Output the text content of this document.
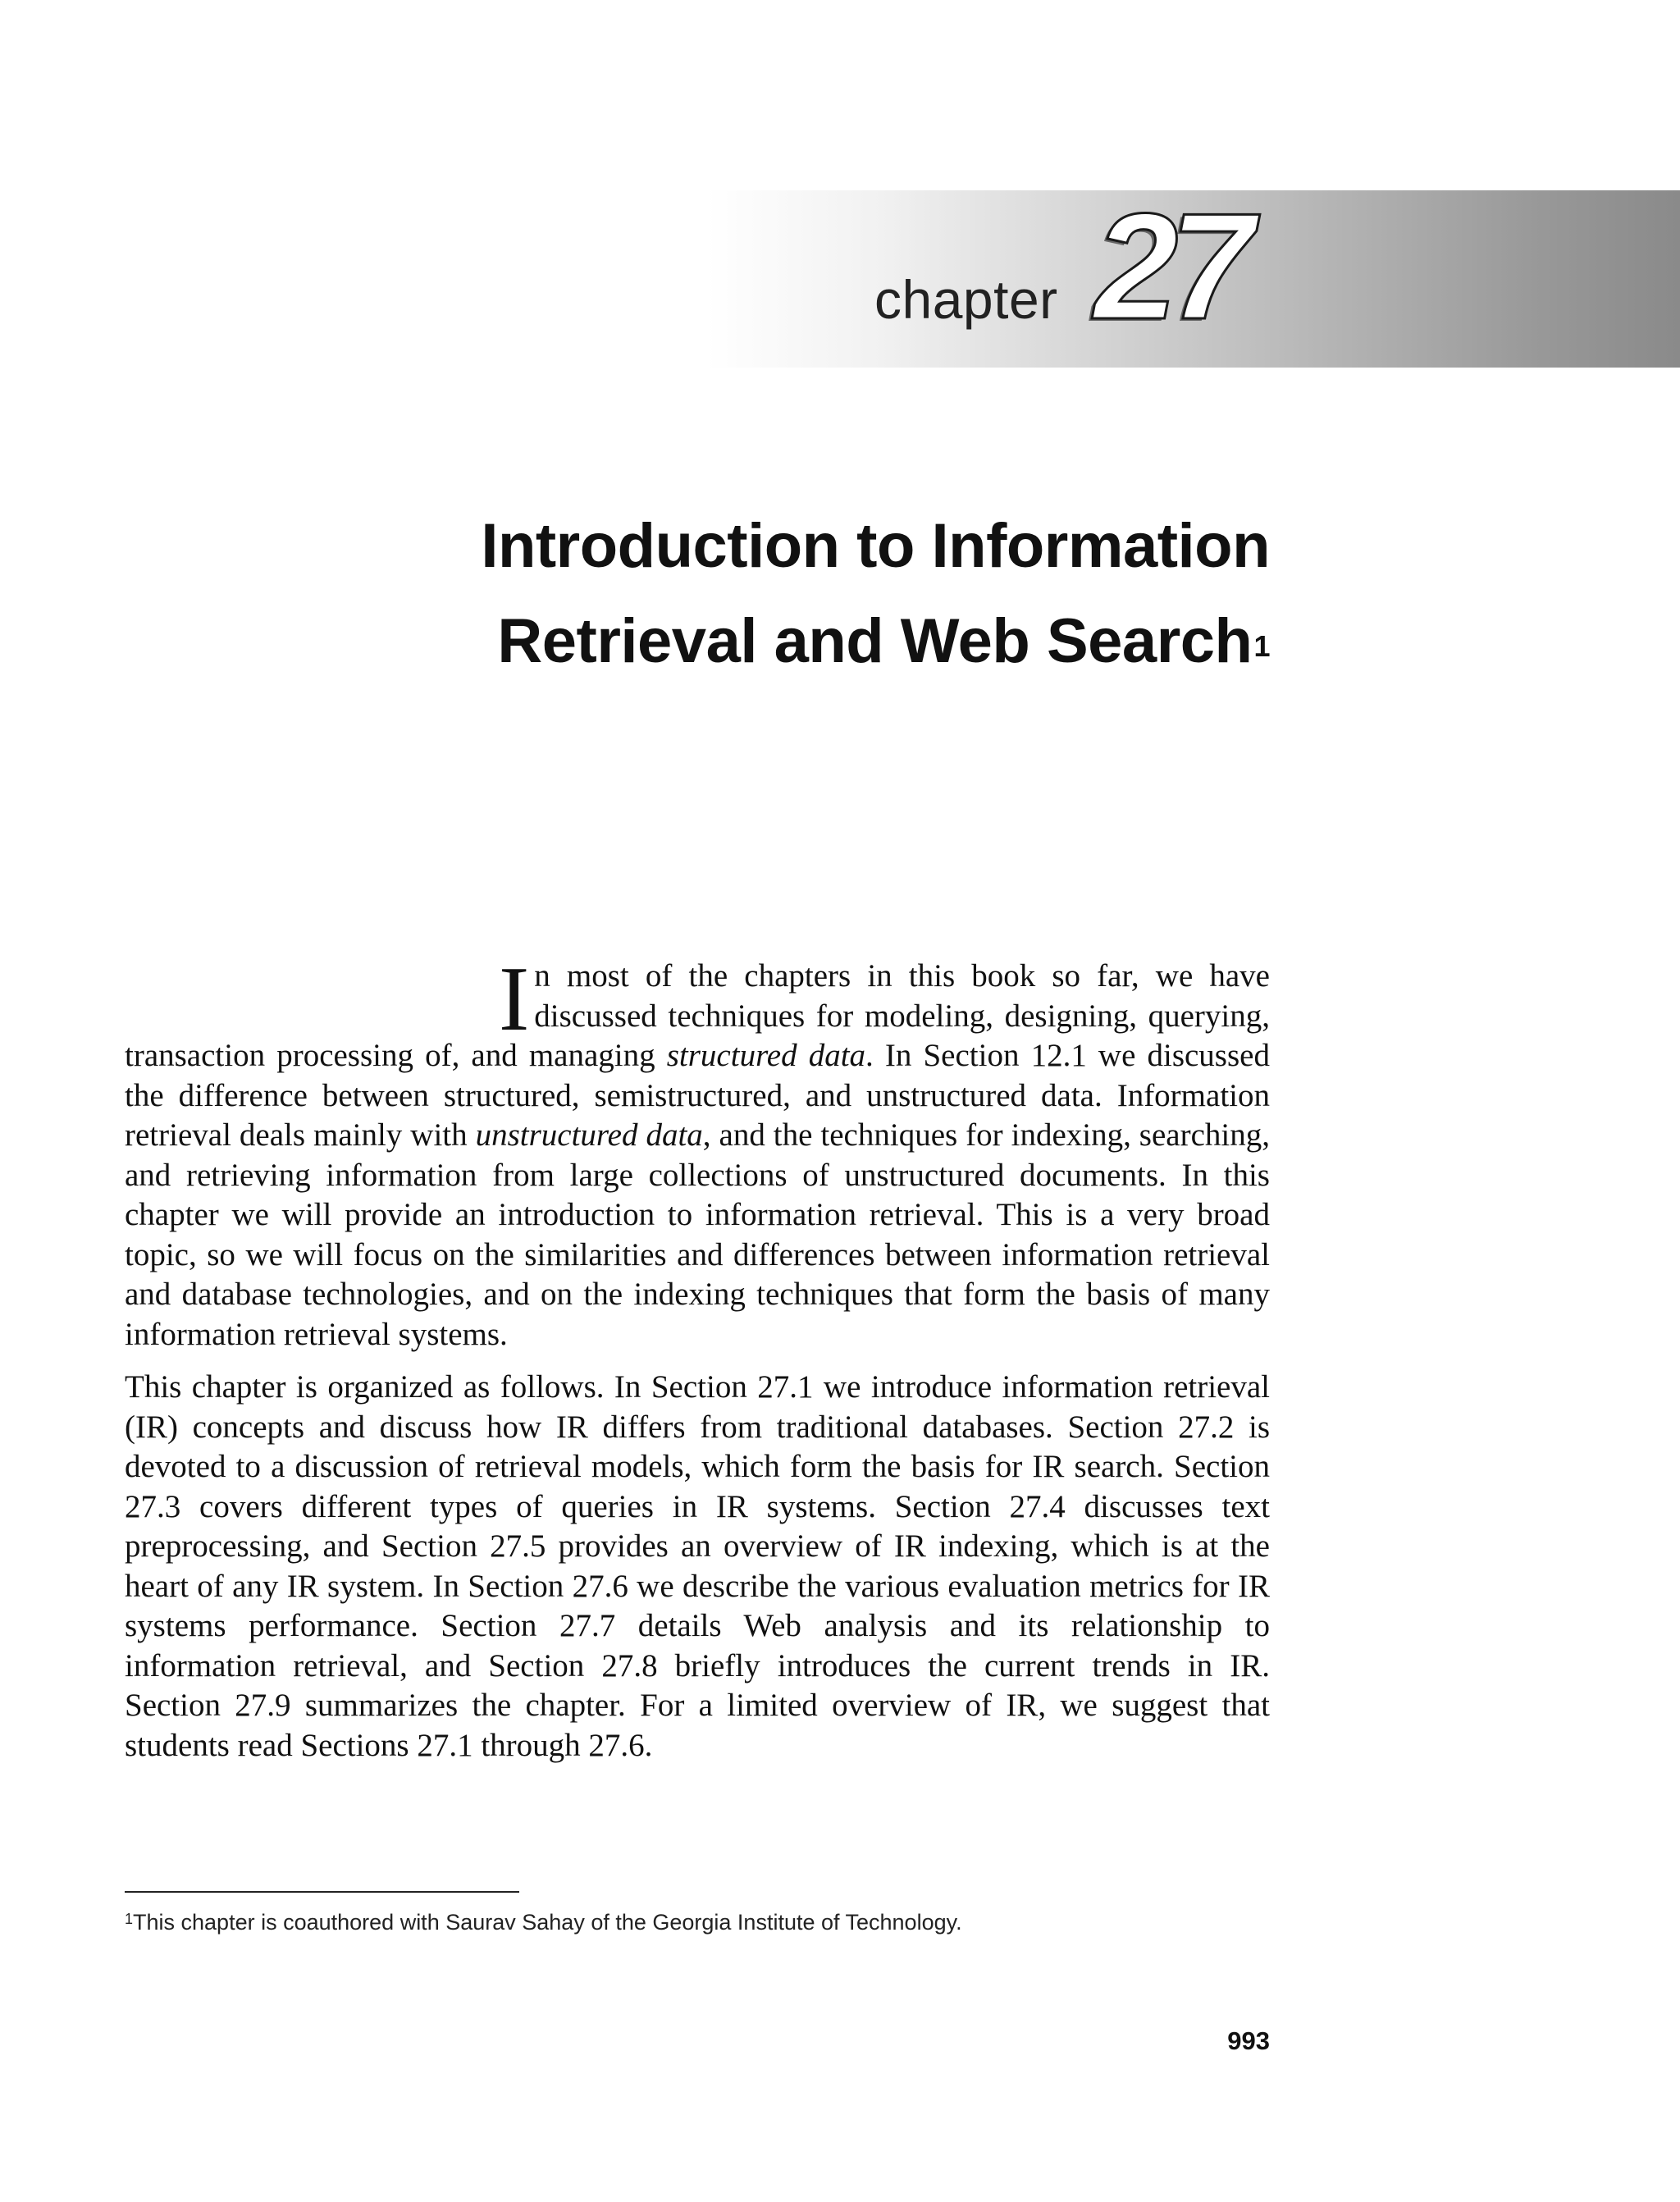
chapter 27
Introduction to Information
Retrieval and Web Search$^1$

In most of the chapters in this book so far, we have discussed techniques for modeling, designing, querying, transaction processing of, and managing structured data. In Section 12.1 we discussed the difference between structured, semistructured, and unstructured data. Information retrieval deals mainly with unstructured data, and the techniques for indexing, searching, and retrieving information from large collections of unstructured documents. In this chapter we will provide an introduction to information retrieval. This is a very broad topic, so we will focus on the similarities and differences between information retrieval and database technologies, and on the indexing techniques that form the basis of many information retrieval systems.

This chapter is organized as follows. In Section 27.1 we introduce information retrieval (IR) concepts and discuss how IR differs from traditional databases. Section 27.2 is devoted to a discussion of retrieval models, which form the basis for IR search. Section 27.3 covers different types of queries in IR systems. Section 27.4 discusses text preprocessing, and Section 27.5 provides an overview of IR indexing, which is at the heart of any IR system. In Section 27.6 we describe the various evaluation metrics for IR systems performance. Section 27.7 details Web analysis and its relationship to information retrieval, and Section 27.8 briefly introduces the current trends in IR. Section 27.9 summarizes the chapter. For a limited overview of IR, we suggest that students read Sections 27.1 through 27.6.

$^1$This chapter is coauthored with Saurav Sahay of the Georgia Institute of Technology.
993
